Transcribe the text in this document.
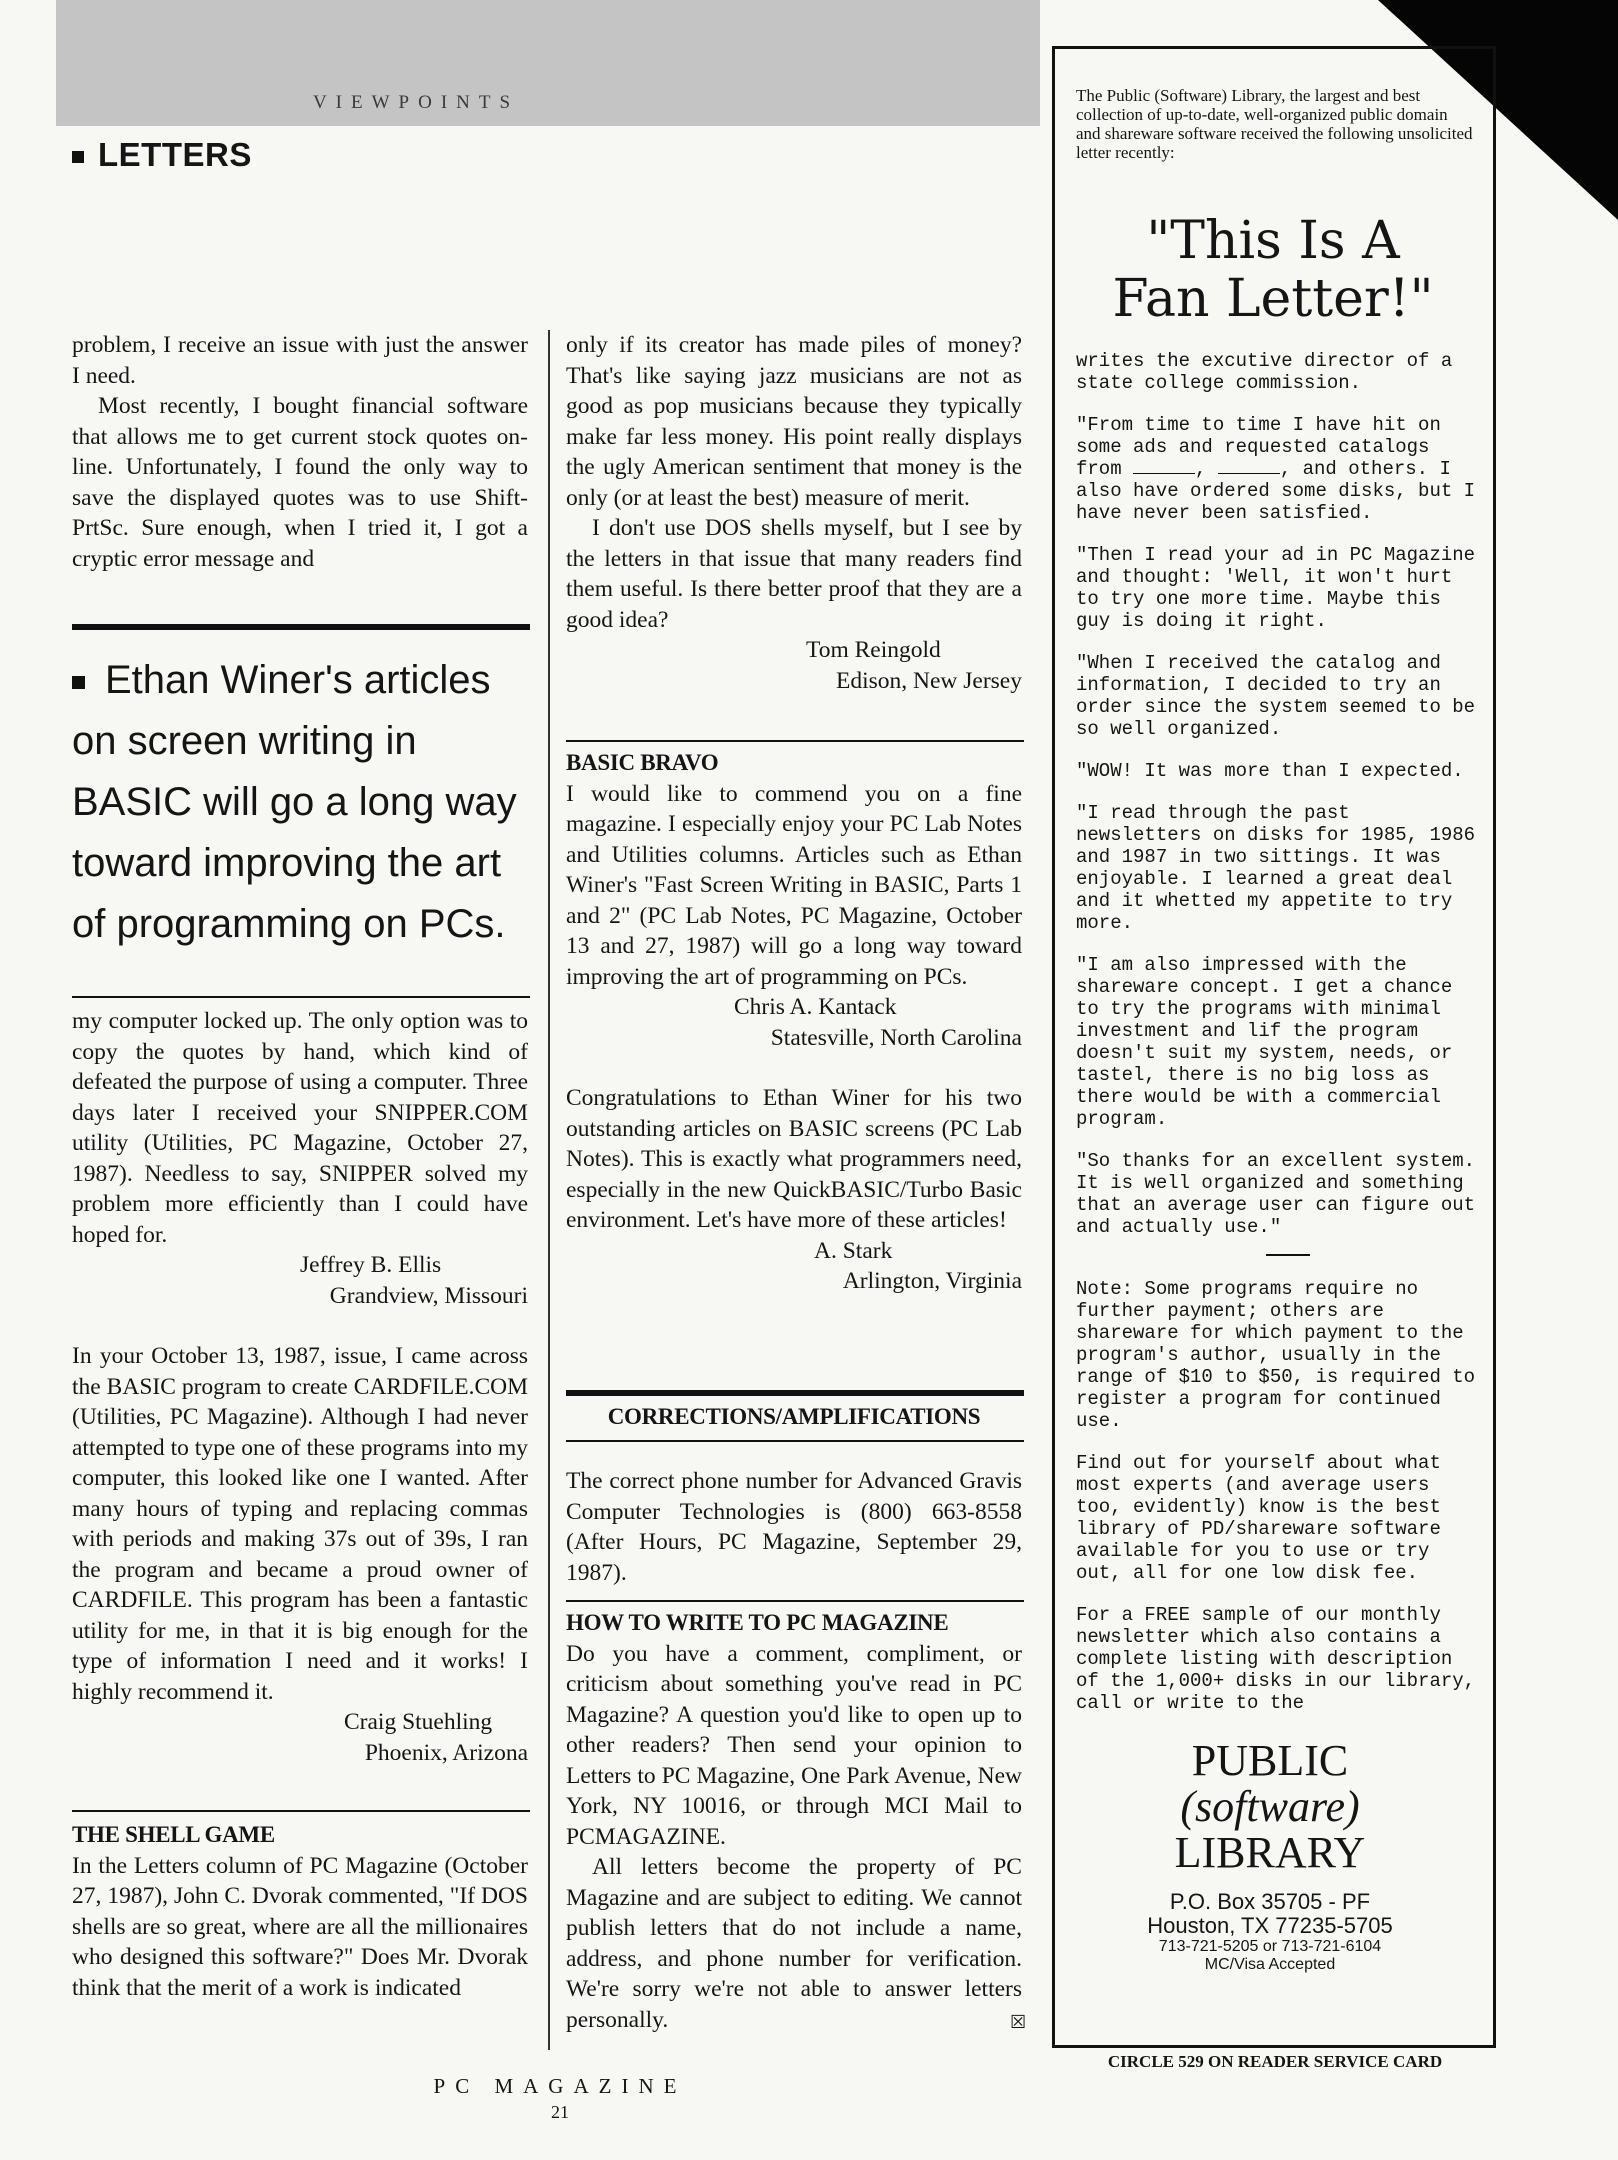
VIEWPOINTS
LETTERS

problem, I receive an issue with just the answer I need.

Most recently, I bought financial software that allows me to get current stock quotes on-line. Unfortunately, I found the only way to save the displayed quotes was to use Shift-PrtSc. Sure enough, when I tried it, I got a cryptic error message and

Ethan Winer's articles on screen writing in BASIC will go a long way toward improving the art of programming on PCs.

my computer locked up. The only option was to copy the quotes by hand, which kind of defeated the purpose of using a computer. Three days later I received your SNIPPER.COM utility (Utilities, PC Magazine, October 27, 1987). Needless to say, SNIPPER solved my problem more efficiently than I could have hoped for.

Jeffrey B. Ellis

Grandview, Missouri

In your October 13, 1987, issue, I came across the BASIC program to create CARDFILE.COM (Utilities, PC Magazine). Although I had never attempted to type one of these programs into my computer, this looked like one I wanted. After many hours of typing and replacing commas with periods and making 37s out of 39s, I ran the program and became a proud owner of CARDFILE. This program has been a fantastic utility for me, in that it is big enough for the type of information I need and it works! I highly recommend it.

Craig Stuehling

Phoenix, Arizona

THE SHELL GAME

In the Letters column of PC Magazine (October 27, 1987), John C. Dvorak commented, "If DOS shells are so great, where are all the millionaires who designed this software?" Does Mr. Dvorak think that the merit of a work is indicated

only if its creator has made piles of money? That's like saying jazz musicians are not as good as pop musicians because they typically make far less money. His point really displays the ugly American sentiment that money is the only (or at least the best) measure of merit.

I don't use DOS shells myself, but I see by the letters in that issue that many readers find them useful. Is there better proof that they are a good idea?

Tom Reingold

Edison, New Jersey

BASIC BRAVO

I would like to commend you on a fine magazine. I especially enjoy your PC Lab Notes and Utilities columns. Articles such as Ethan Winer's "Fast Screen Writing in BASIC, Parts 1 and 2" (PC Lab Notes, PC Magazine, October 13 and 27, 1987) will go a long way toward improving the art of programming on PCs.

Chris A. Kantack

Statesville, North Carolina

Congratulations to Ethan Winer for his two outstanding articles on BASIC screens (PC Lab Notes). This is exactly what programmers need, especially in the new QuickBASIC/Turbo Basic environment. Let's have more of these articles!

A. Stark

Arlington, Virginia

CORRECTIONS/AMPLIFICATIONS

The correct phone number for Advanced Gravis Computer Technologies is (800) 663-8558 (After Hours, PC Magazine, September 29, 1987).

HOW TO WRITE TO PC MAGAZINE

Do you have a comment, compliment, or criticism about something you've read in PC Magazine? A question you'd like to open up to other readers? Then send your opinion to Letters to PC Magazine, One Park Avenue, New York, NY 10016, or through MCI Mail to PCMAGAZINE.

All letters become the property of PC Magazine and are subject to editing. We cannot publish letters that do not include a name, address, and phone number for verification. We're sorry we're not able to answer letters personally.	☒

The Public (Software) Library, the largest and best collection of up-to-date, well-organized public domain and shareware software received the following unsolicited letter recently:

"This Is A
Fan Letter!"

writes the excutive director of a state college commission.

"From time to time I have hit on some ads and requested catalogs from	,	, and others. I also have ordered some disks, but I have never been satisfied.

"Then I read your ad in PC Magazine and thought: 'Well, it won't hurt to try one more time. Maybe this guy is doing it right.

"When I received the catalog and information, I decided to try an order since the system seemed to be so well organized.

"WOW! It was more than I expected.

"I read through the past newsletters on disks for 1985, 1986 and 1987 in two sittings. It was enjoyable. I learned a great deal and it whetted my appetite to try more.

"I am also impressed with the shareware concept. I get a chance to try the programs with minimal investment and lif the program doesn't suit my system, needs, or tastel, there is no big loss as there would be with a commercial program.

"So thanks for an excellent system. It is well organized and something that an average user can figure out and actually use."

Note: Some programs require no further payment; others are shareware for which payment to the program's author, usually in the range of $10 to $50, is required to register a program for continued use.

Find out for yourself about what most experts (and average users too, evidently) know is the best library of PD/shareware software available for you to use or try out, all for one low disk fee.

For a FREE sample of our monthly newsletter which also contains a complete listing with description of the 1,000+ disks in our library, call or write to the

PUBLIC
(software)
LIBRARY
P.O. Box 35705 - PF
Houston, TX 77235-5705
713-721-5205 or 713-721-6104
MC/Visa Accepted
CIRCLE 529 ON READER SERVICE CARD
PC MAGAZINE
21
